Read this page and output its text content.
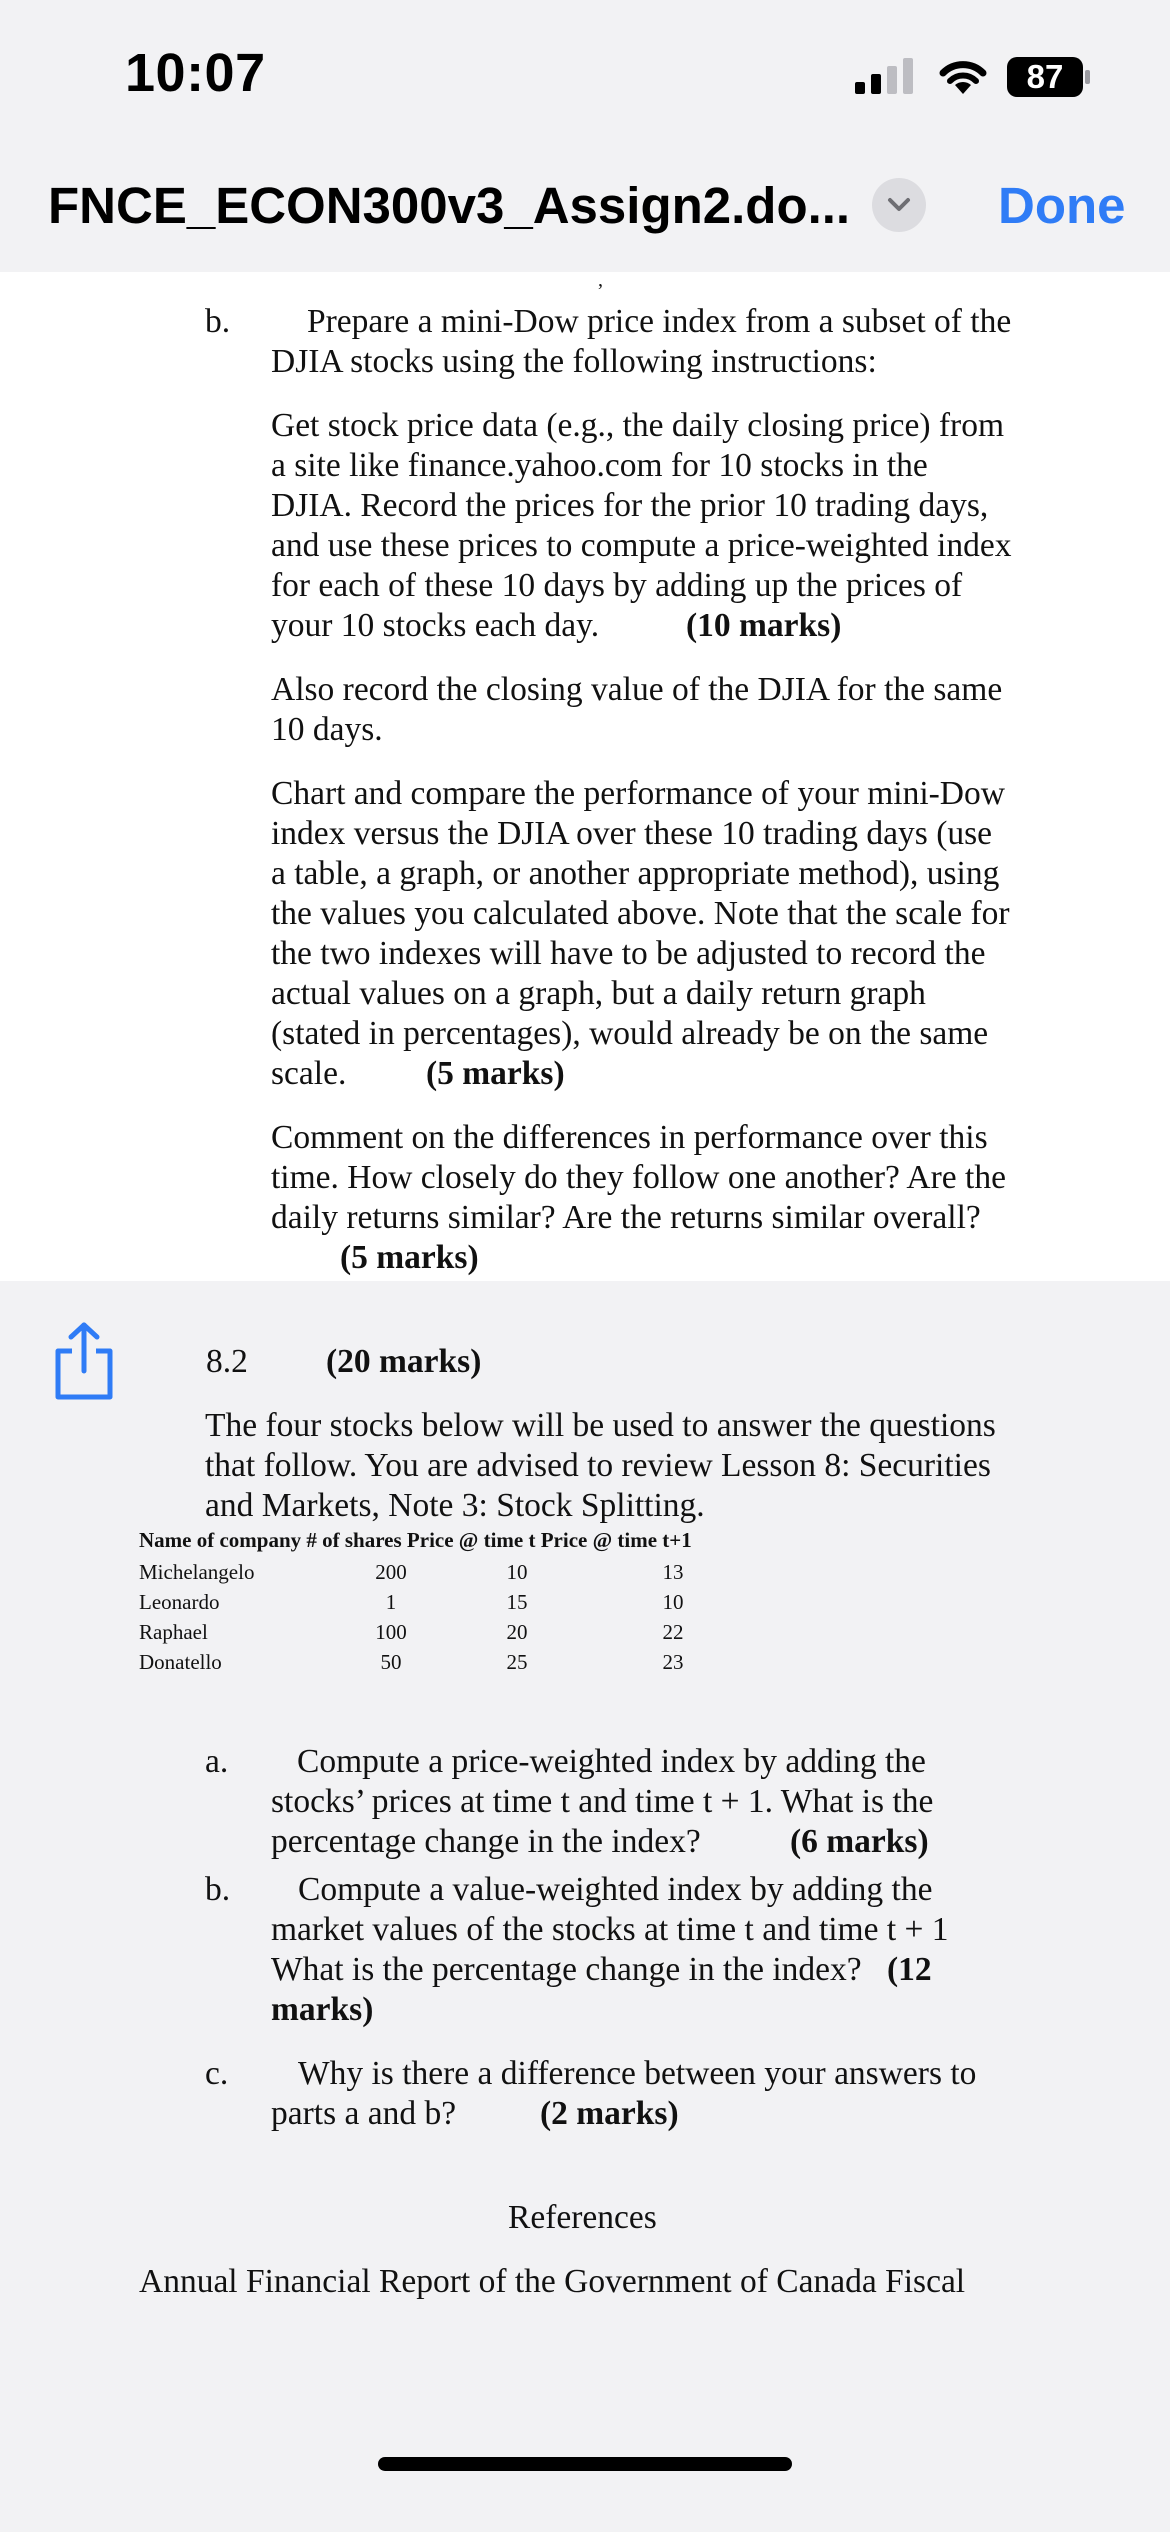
10:07	87
FNCE_ECON300v3_Assign2.do...	Done
,
b. Prepare a mini-Dow price index from a subset of the
DJIA stocks using the following instructions:
Get stock price data (e.g., the daily closing price) from
a site like finance.yahoo.com for 10 stocks in the
DJIA. Record the prices for the prior 10 trading days,
and use these prices to compute a price-weighted index
for each of these 10 days by adding up the prices of
your 10 stocks each day.	(10 marks)
Also record the closing value of the DJIA for the same
10 days.
Chart and compare the performance of your mini-Dow
index versus the DJIA over these 10 trading days (use
a table, a graph, or another appropriate method), using
the values you calculated above. Note that the scale for
the two indexes will have to be adjusted to record the
actual values on a graph, but a daily return graph
(stated in percentages), would already be on the same
scale. (5 marks)
Comment on the differences in performance over this
time. How closely do they follow one another? Are the
daily returns similar? Are the returns similar overall?
(5 marks)
8.2 (20 marks)
The four stocks below will be used to answer the questions
that follow. You are advised to review Lesson 8: Securities
and Markets, Note 3: Stock Splitting.
Name of company # of shares Price @ time t Price @ time t+1
Michelangelo	200	10	13
Leonardo	1	15	10
Raphael	100	20	22
Donatello	50	25	23
a. Compute a price-weighted index by adding the
stocks’ prices at time t and time t + 1. What is the
percentage change in the index?	(6 marks)
b. Compute a value-weighted index by adding the
market values of the stocks at time t and time t + 1
What is the percentage change in the index? (12
marks)
c. Why is there a difference between your answers to
parts a and b?	(2 marks)
References
Annual Financial Report of the Government of Canada Fiscal
